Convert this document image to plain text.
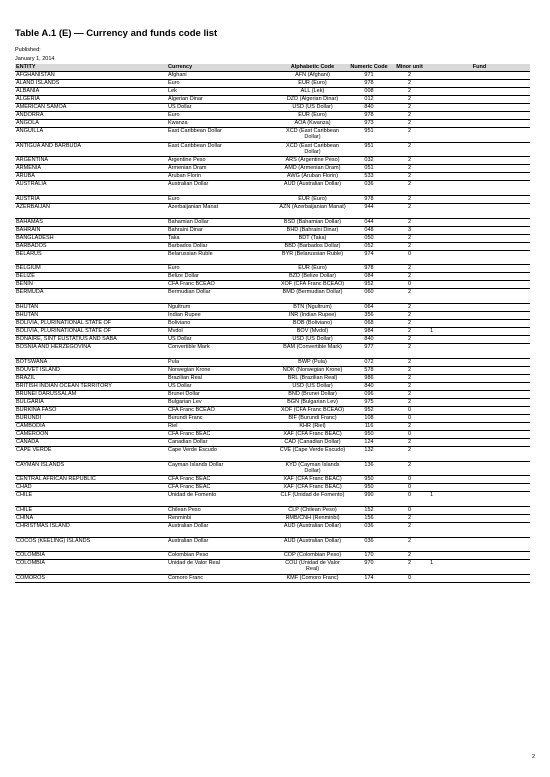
Table A.1 (E) — Currency and funds code list
Published:
January 1, 2014
ENTITY	Currency	Alphabetic Code	Numeric Code	Minor unit	Fund
AFGHANISTAN	Afghani	AFN (Afghani)	971	2	
ÅLAND ISLANDS	Euro	EUR (Euro)	978	2	
ALBANIA	Lek	ALL (Lek)	008	2	
ALGERIA	Algerian Dinar	DZD (Algerian Dinar)	012	2	
AMERICAN SAMOA	US Dollar	USD (US Dollar)	840	2	
ANDORRA	Euro	EUR (Euro)	978	2	
ANGOLA	Kwanza	AOA (Kwanza)	973	2	
ANGUILLA	East Caribbean Dollar	XCD (East Caribbean Dollar)	951	2	
ANTIGUA AND BARBUDA	East Caribbean Dollar	XCD (East Caribbean Dollar)	951	2	
ARGENTINA	Argentine Peso	ARS (Argentine Peso)	032	2	
ARMENIA	Armenian Dram	AMD (Armenian Dram)	051	2	
ARUBA	Aruban Florin	AWG (Aruban Florin)	533	2	
AUSTRALIA	Australian Dollar	AUD (Australian Dollar)	036	2	
AUSTRIA	Euro	EUR (Euro)	978	2	
AZERBAIJAN	Azerbaijanian Manat	AZN (Azerbaijanian Manat)	944	2	
BAHAMAS	Bahamian Dollar	BSD (Bahamian Dollar)	044	2	
BAHRAIN	Bahraini Dinar	BHD (Bahraini Dinar)	048	3	
BANGLADESH	Taka	BDT (Taka)	050	2	
BARBADOS	Barbados Dollar	BBD (Barbados Dollar)	052	2	
BELARUS	Belarussian Ruble	BYR (Belarussian Ruble)	974	0	
BELGIUM	Euro	EUR (Euro)	978	2	
BELIZE	Belize Dollar	BZD (Belize Dollar)	084	2	
BENIN	CFA Franc BCEAO	XOF (CFA Franc BCEAO)	952	0	
BERMUDA	Bermudian Dollar	BMD (Bermudian Dollar)	060	2	
BHUTAN	Ngultrum	BTN (Ngultrum)	064	2	
BHUTAN	Indian Rupee	INR (Indian Rupee)	356	2	
BOLIVIA, PLURINATIONAL STATE OF	Boliviano	BOB (Boliviano)	068	2	
BOLIVIA, PLURINATIONAL STATE OF	Mvdol	BOV (Mvdol)	984	2	1
BONAIRE, SINT EUSTATIUS AND SABA	US Dollar	USD (US Dollar)	840	2	
BOSNIA AND HERZEGOVINA	Convertible Mark	BAM (Convertible Mark)	977	2	
BOTSWANA	Pula	BWP (Pula)	072	2	
BOUVET ISLAND	Norwegian Krone	NOK (Norwegian Krone)	578	2	
BRAZIL	Brazilian Real	BRL (Brazilian Real)	986	2	
BRITISH INDIAN OCEAN TERRITORY	US Dollar	USD (US Dollar)	840	2	
BRUNEI DARUSSALAM	Brunei Dollar	BND (Brunei Dollar)	096	2	
BULGARIA	Bulgarian Lev	BGN (Bulgarian Lev)	975	2	
BURKINA FASO	CFA Franc BCEAO	XOF (CFA Franc BCEAO)	952	0	
BURUNDI	Burundi Franc	BIF (Burundi Franc)	108	0	
CAMBODIA	Riel	KHR (Riel)	116	2	
CAMEROON	CFA Franc BEAC	XAF (CFA Franc BEAC)	950	0	
CANADA	Canadian Dollar	CAD (Canadian Dollar)	124	2	
CAPE VERDE	Cape Verde Escudo	CVE (Cape Verde Escudo)	132	2	
CAYMAN ISLANDS	Cayman Islands Dollar	KYD (Cayman Islands Dollar)	136	2	
CENTRAL AFRICAN REPUBLIC	CFA Franc BEAC	XAF (CFA Franc BEAC)	950	0	
CHAD	CFA Franc BEAC	XAF (CFA Franc BEAC)	950	0	
CHILE	Unidad de Fomento	CLF (Unidad de Fomento)	990	0	1
CHILE	Chilean Peso	CLP (Chilean Peso)	152	0	
CHINA	Renminbi	RMB/CNH (Renminbi)	156	2	
CHRISTMAS ISLAND	Australian Dollar	AUD (Australian Dollar)	036	2	
COCOS (KEELING) ISLANDS	Australian Dollar	AUD (Australian Dollar)	036	2	
COLOMBIA	Colombian Peso	COP (Colombian Peso)	170	2	
COLOMBIA	Unidad de Valor Real	COU (Unidad de Valor Real)	970	2	1
COMOROS	Comoro Franc	KMF (Comoro Franc)	174	0	
2
